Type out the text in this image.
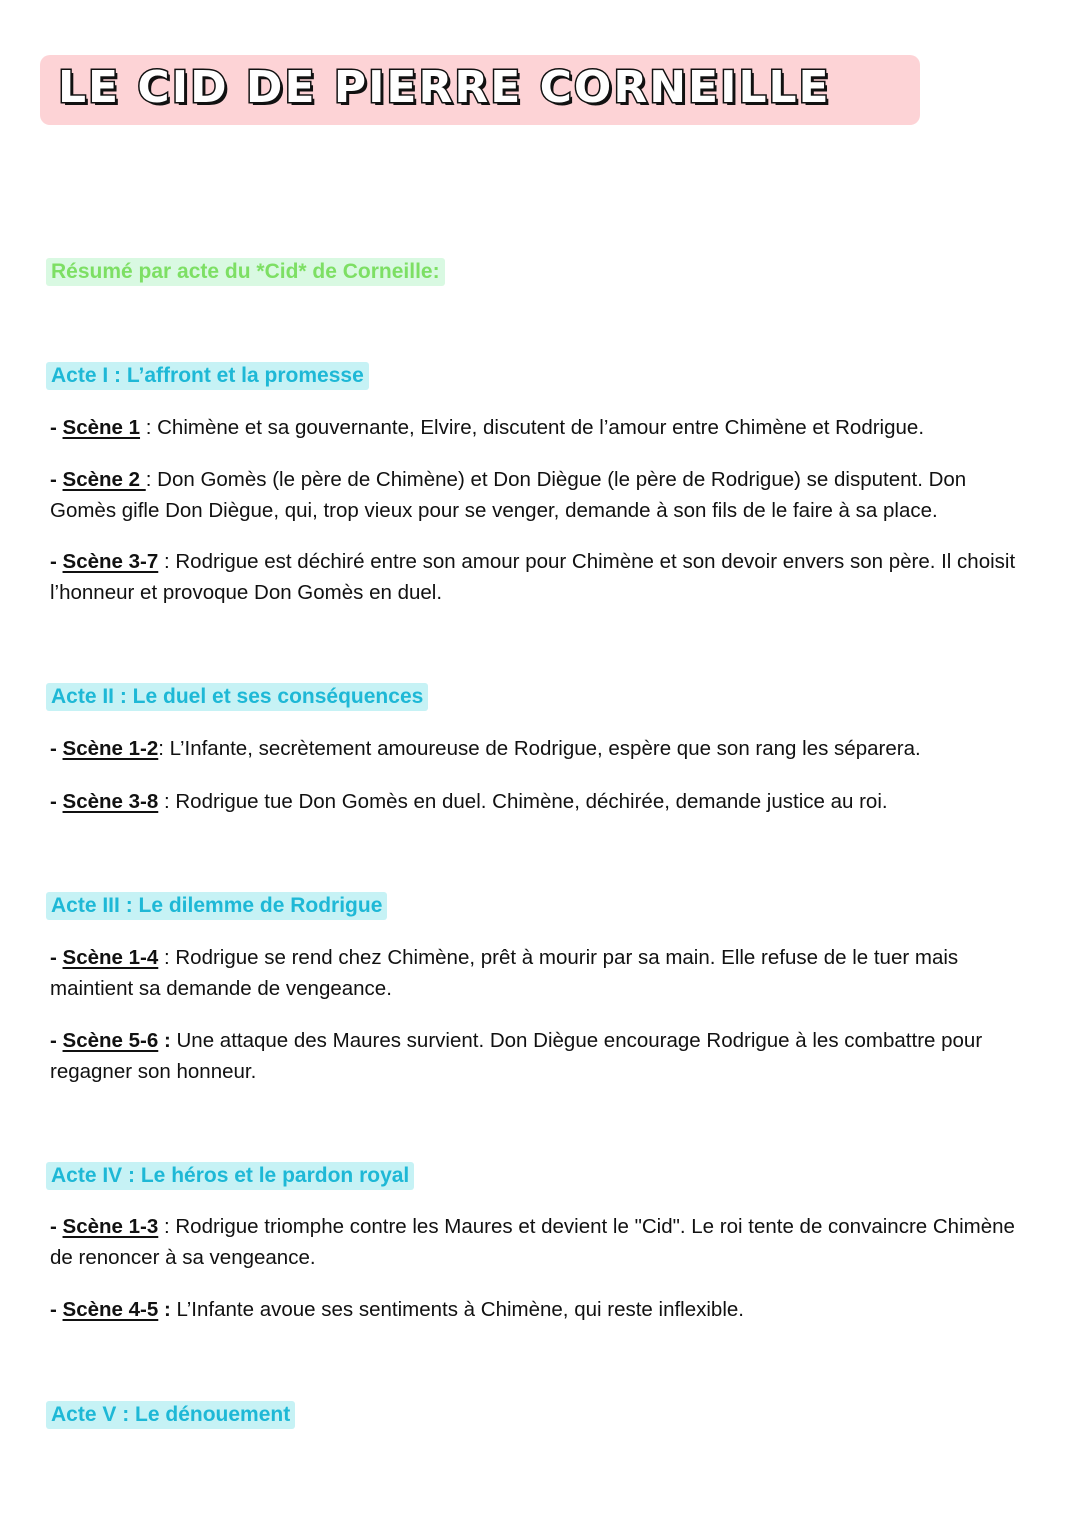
LE CID DE PIERRE CORNEILLE
Résumé par acte du *Cid* de Corneille:
Acte I : L’affront et la promesse
- Scène 1 : Chimène et sa gouvernante, Elvire, discutent de l’amour entre Chimène et Rodrigue.
- Scène 2 : Don Gomès (le père de Chimène) et Don Diègue (le père de Rodrigue) se disputent. Don Gomès gifle Don Diègue, qui, trop vieux pour se venger, demande à son fils de le faire à sa place.
- Scène 3-7 : Rodrigue est déchiré entre son amour pour Chimène et son devoir envers son père. Il choisit l’honneur et provoque Don Gomès en duel.
Acte II : Le duel et ses conséquences
- Scène 1-2: L’Infante, secrètement amoureuse de Rodrigue, espère que son rang les séparera.
- Scène 3-8 : Rodrigue tue Don Gomès en duel. Chimène, déchirée, demande justice au roi.
Acte III : Le dilemme de Rodrigue
- Scène 1-4 : Rodrigue se rend chez Chimène, prêt à mourir par sa main. Elle refuse de le tuer mais maintient sa demande de vengeance.
- Scène 5-6 : Une attaque des Maures survient. Don Diègue encourage Rodrigue à les combattre pour regagner son honneur.
Acte IV : Le héros et le pardon royal
- Scène 1-3 : Rodrigue triomphe contre les Maures et devient le "Cid". Le roi tente de convaincre Chimène de renoncer à sa vengeance.
- Scène 4-5 : L’Infante avoue ses sentiments à Chimène, qui reste inflexible.
Acte V : Le dénouement
